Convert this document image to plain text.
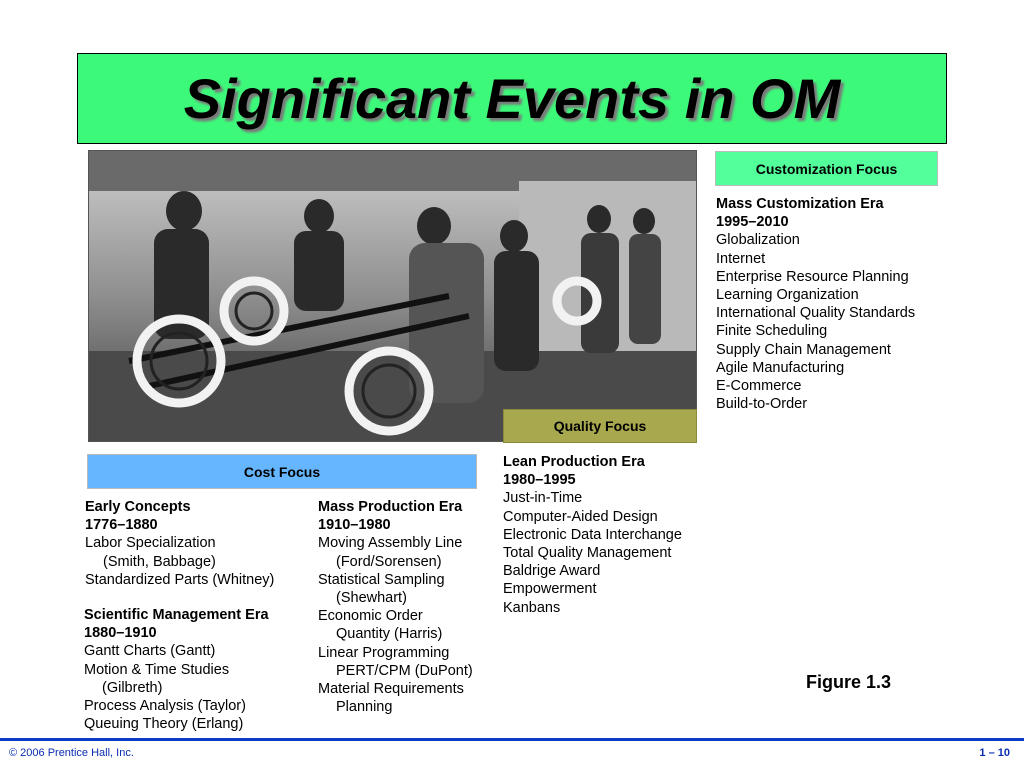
Significant Events in OM
Customization Focus
Quality Focus
Cost Focus
Mass Customization Era
1995–2010
Globalization
Internet
Enterprise Resource Planning
Learning Organization
International Quality Standards
Finite Scheduling
Supply Chain Management
Agile Manufacturing
E-Commerce
Build-to-Order
Lean Production Era
1980–1995
Just-in-Time
Computer-Aided Design
Electronic Data Interchange
Total Quality Management
Baldrige Award
Empowerment
Kanbans
Early Concepts
1776–1880
Labor Specialization
(Smith, Babbage)
Standardized Parts (Whitney)
Scientific Management Era
1880–1910
Gantt Charts (Gantt)
Motion & Time Studies
(Gilbreth)
Process Analysis (Taylor)
Queuing Theory (Erlang)
Mass Production Era
1910–1980
Moving Assembly Line
(Ford/Sorensen)
Statistical Sampling
(Shewhart)
Economic Order
Quantity (Harris)
Linear Programming
PERT/CPM (DuPont)
Material Requirements
Planning
Figure 1.3
© 2006 Prentice Hall, Inc.	1 – 10
